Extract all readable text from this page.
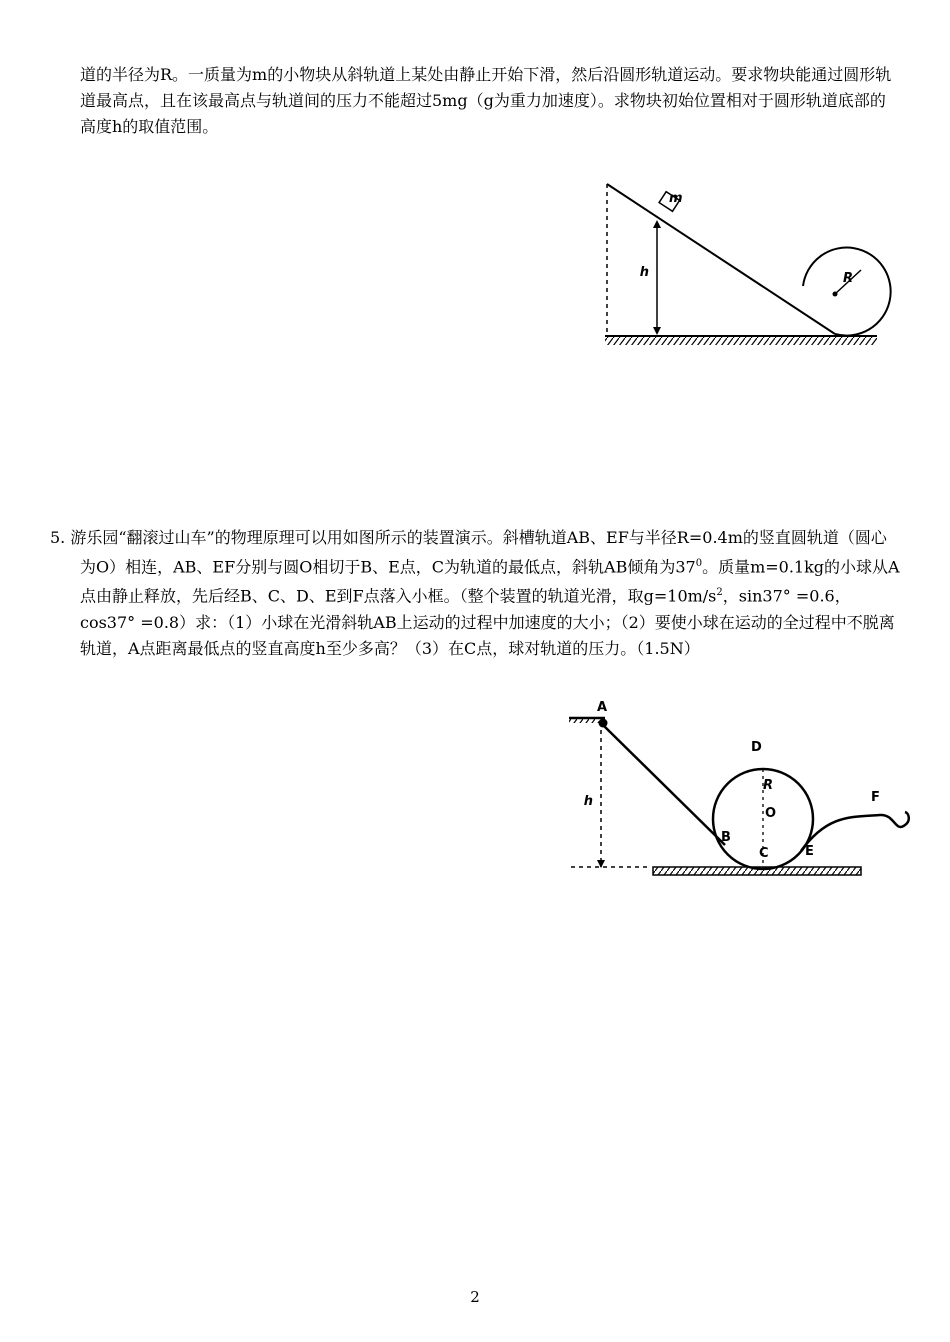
道的半径为R。一质量为m的小物块从斜轨道上某处由静止开始下滑，然后沿圆形轨道运动。要求物块能通过圆形轨道最高点，且在该最高点与轨道间的压力不能超过5mg（g为重力加速度）。求物块初始位置相对于圆形轨道底部的高度h的取值范围。

m
h	R

5. 游乐园“翻滚过山车”的物理原理可以用如图所示的装置演示。斜槽轨道AB、EF与半径R=0.4m的竖直圆轨道（圆心为O）相连，AB、EF分别与圆O相切于B、E点，C为轨道的最低点，斜轨AB倾角为$37^0$。质量m=0.1kg的小球从A点由静止释放，先后经B、C、D、E到F点落入小框。（整个装置的轨道光滑，取$g=10m/s^2$，sin37° =0.6，cos37° =0.8）求：（1）小球在光滑斜轨AB上运动的过程中加速度的大小；（2）要使小球在运动的全过程中不脱离轨道，A点距离最低点的竖直高度h至少多高？（3）在C点，球对轨道的压力。（1.5N）

A
h
B
D
R
O
C	E
F
2
